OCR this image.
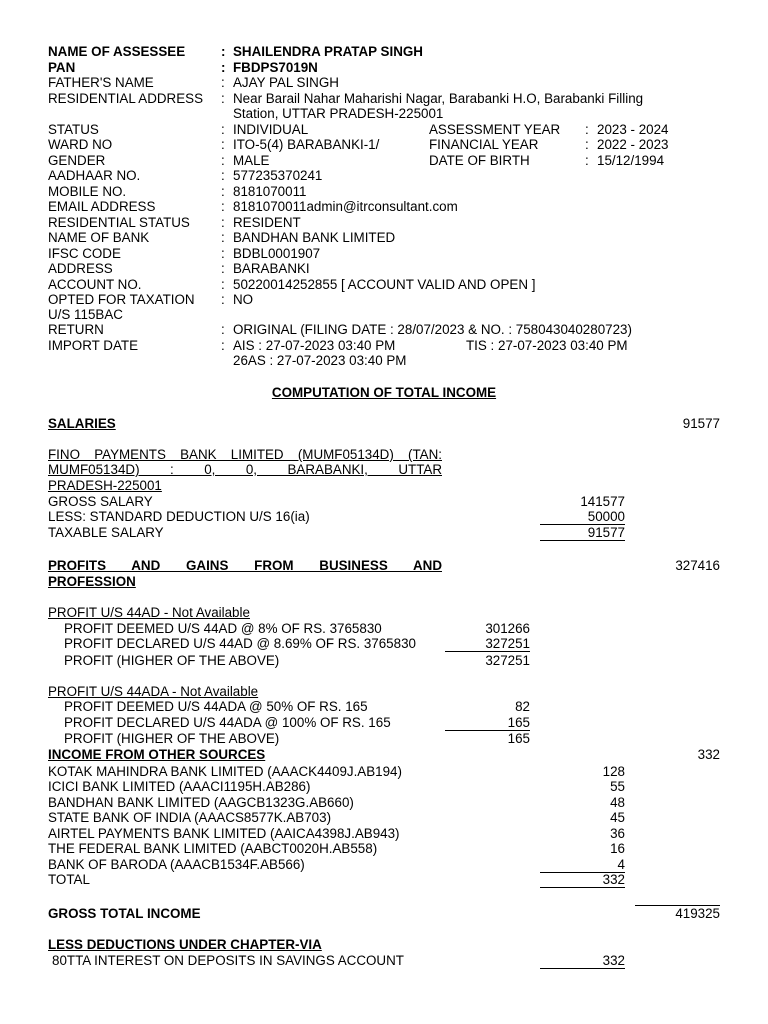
NAME OF ASSESSEE	: SHAILENDRA PRATAP SINGH
PAN	: FBDPS7019N
FATHER'S NAME	: AJAY PAL SINGH
RESIDENTIAL ADDRESS : Near Barail Nahar Maharishi Nagar, Barabanki H.O, Barabanki Filling
Station, UTTAR PRADESH-225001
STATUS	: INDIVIDUAL	ASSESSMENT YEAR : 2023 - 2024
WARD NO	: ITO-5(4) BARABANKI-1/	FINANCIAL YEAR	: 2022 - 2023
GENDER	: MALE	DATE OF BIRTH	: 15/12/1994
AADHAAR NO.	: 577235370241
MOBILE NO.	: 8181070011
EMAIL ADDRESS	: 8181070011admin@itrconsultant.com
RESIDENTIAL STATUS : RESIDENT
NAME OF BANK	: BANDHAN BANK LIMITED
IFSC CODE	: BDBL0001907
ADDRESS	: BARABANKI
ACCOUNT NO.	: 50220014252855 [ ACCOUNT VALID AND OPEN ]
OPTED FOR TAXATION : NO
U/S 115BAC
RETURN	: ORIGINAL (FILING DATE : 28/07/2023 & NO. : 758043040280723)
IMPORT DATE	: AIS : 27-07-2023 03:40 PM	TIS : 27-07-2023 03:40 PM
26AS : 27-07-2023 03:40 PM
COMPUTATION OF TOTAL INCOME
SALARIES	91577
FINO PAYMENTS BANK LIMITED (MUMF05134D) (TAN:
MUMF05134D) : 0, 0, BARABANKI, UTTAR
PRADESH-225001
GROSS SALARY	141577
LESS: STANDARD DEDUCTION U/S 16(ia)	50000
TAXABLE SALARY	91577
PROFITS AND GAINS FROM BUSINESS AND
PROFESSION
327416
PROFIT U/S 44AD - Not Available
PROFIT DEEMED U/S 44AD @ 8% OF RS. 3765830	301266
PROFIT DECLARED U/S 44AD @ 8.69% OF RS. 3765830	327251
PROFIT (HIGHER OF THE ABOVE)	327251
PROFIT U/S 44ADA - Not Available
PROFIT DEEMED U/S 44ADA @ 50% OF RS. 165	82
PROFIT DECLARED U/S 44ADA @ 100% OF RS. 165	165
PROFIT (HIGHER OF THE ABOVE)	165
INCOME FROM OTHER SOURCES	332
KOTAK MAHINDRA BANK LIMITED (AAACK4409J.AB194)	128
ICICI BANK LIMITED (AAACI1195H.AB286)	55
BANDHAN BANK LIMITED (AAGCB1323G.AB660)	48
STATE BANK OF INDIA (AAACS8577K.AB703)	45
AIRTEL PAYMENTS BANK LIMITED (AAICA4398J.AB943)	36
THE FEDERAL BANK LIMITED (AABCT0020H.AB558)	16
BANK OF BARODA (AAACB1534F.AB566)	4
TOTAL	332
GROSS TOTAL INCOME	419325
LESS DEDUCTIONS UNDER CHAPTER-VIA
80TTA INTEREST ON DEPOSITS IN SAVINGS ACCOUNT	332
